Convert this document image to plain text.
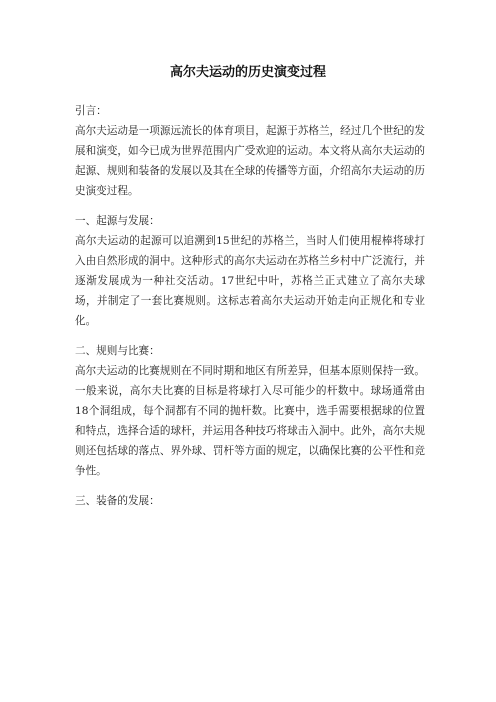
高尔夫运动的历史演变过程

引言：

高尔夫运动是一项源远流长的体育项目，起源于苏格兰，经过几个世纪的发展和演变，如今已成为世界范围内广受欢迎的运动。本文将从高尔夫运动的起源、规则和装备的发展以及其在全球的传播等方面，介绍高尔夫运动的历史演变过程。

一、起源与发展：

高尔夫运动的起源可以追溯到15世纪的苏格兰，当时人们使用棍棒将球打入由自然形成的洞中。这种形式的高尔夫运动在苏格兰乡村中广泛流行，并逐渐发展成为一种社交活动。17世纪中叶，苏格兰正式建立了高尔夫球场，并制定了一套比赛规则。这标志着高尔夫运动开始走向正规化和专业化。

二、规则与比赛：

高尔夫运动的比赛规则在不同时期和地区有所差异，但基本原则保持一致。一般来说，高尔夫比赛的目标是将球打入尽可能少的杆数中。球场通常由18个洞组成，每个洞都有不同的抛杆数。比赛中，选手需要根据球的位置和特点，选择合适的球杆，并运用各种技巧将球击入洞中。此外，高尔夫规则还包括球的落点、界外球、罚杆等方面的规定，以确保比赛的公平性和竞争性。

三、装备的发展：
